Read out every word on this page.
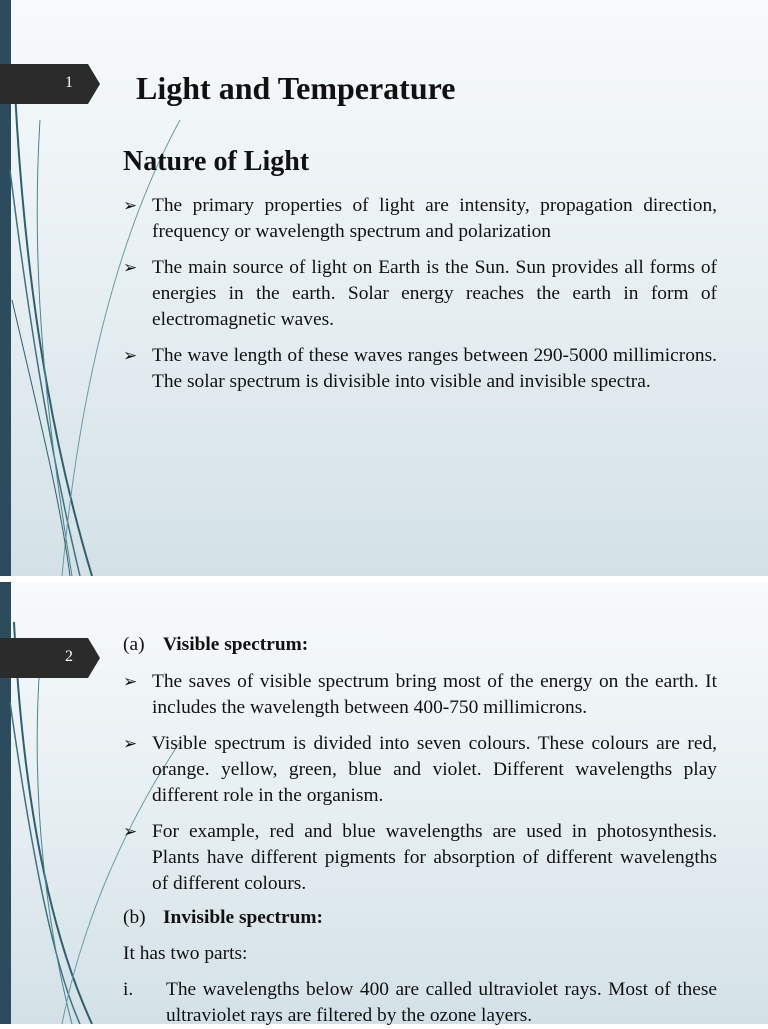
1 Light and Temperature
Nature of Light
➢ The primary properties of light are intensity, propagation direction, frequency or wavelength spectrum and polarization
➢ The main source of light on Earth is the Sun. Sun provides all forms of energies in the earth. Solar energy reaches the earth in form of electromagnetic waves.
➢ The wave length of these waves ranges between 290-5000 millimicrons. The solar spectrum is divisible into visible and invisible spectra.
2
(a) Visible spectrum:
➢ The saves of visible spectrum bring most of the energy on the earth. It includes the wavelength between 400-750 millimicrons.
➢ Visible spectrum is divided into seven colours. These colours are red, orange. yellow, green, blue and violet. Different wavelengths play different role in the organism.
➢ For example, red and blue wavelengths are used in photosynthesis. Plants have different pigments for absorption of different wavelengths of different colours.
(b) Invisible spectrum:
It has two parts:
i.	The wavelengths below 400 are called ultraviolet rays. Most of these ultraviolet rays are filtered by the ozone layers.
